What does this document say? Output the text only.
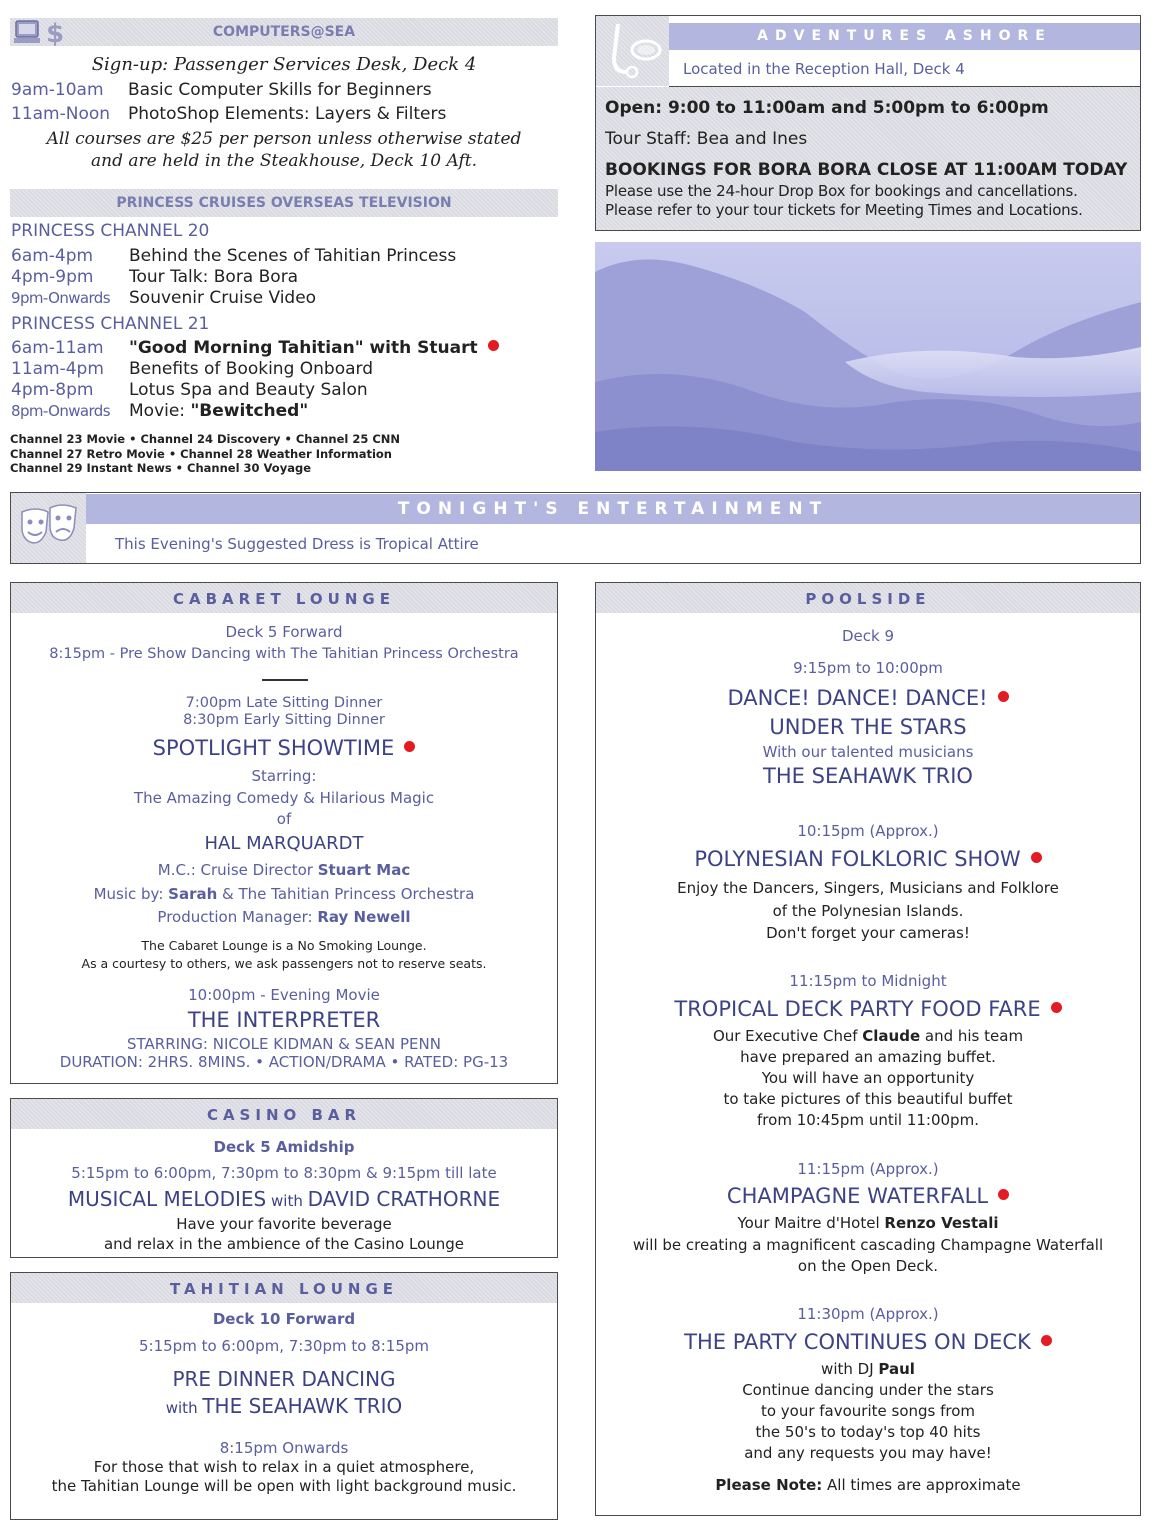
$	COMPUTERS@SEA
Sign-up: Passenger Services Desk, Deck 4
9am-10am Basic Computer Skills for Beginners
11am-Noon PhotoShop Elements: Layers & Filters
All courses are $25 per person unless otherwise stated
and are held in the Steakhouse, Deck 10 Aft.
PRINCESS CRUISES OVERSEAS TELEVISION
PRINCESS CHANNEL 20
6am-4pm Behind the Scenes of Tahitian Princess
4pm-9pm Tour Talk: Bora Bora
9pm-Onwards Souvenir Cruise Video
PRINCESS CHANNEL 21
6am-11am "Good Morning Tahitian" with Stuart
11am-4pm Benefits of Booking Onboard
4pm-8pm Lotus Spa and Beauty Salon
8pm-Onwards Movie: "Bewitched"
Channel 23 Movie • Channel 24 Discovery • Channel 25 CNN
Channel 27 Retro Movie • Channel 28 Weather Information
Channel 29 Instant News • Channel 30 Voyage
ADVENTURES ASHORE
Located in the Reception Hall, Deck 4
Open: 9:00 to 11:00am and 5:00pm to 6:00pm
Tour Staff: Bea and Ines
BOOKINGS FOR BORA BORA CLOSE AT 11:00AM TODAY
Please use the 24-hour Drop Box for bookings and cancellations.
Please refer to your tour tickets for Meeting Times and Locations.
TONIGHT'S ENTERTAINMENT
This Evening's Suggested Dress is Tropical Attire
CABARET LOUNGE
Deck 5 Forward
8:15pm - Pre Show Dancing with The Tahitian Princess Orchestra
7:00pm Late Sitting Dinner
8:30pm Early Sitting Dinner
SPOTLIGHT SHOWTIME
Starring:
The Amazing Comedy & Hilarious Magic
of
HAL MARQUARDT
M.C.: Cruise Director Stuart Mac
Music by: Sarah & The Tahitian Princess Orchestra
Production Manager: Ray Newell
The Cabaret Lounge is a No Smoking Lounge.
As a courtesy to others, we ask passengers not to reserve seats.
10:00pm - Evening Movie
THE INTERPRETER
STARRING: NICOLE KIDMAN & SEAN PENN
DURATION: 2HRS. 8MINS. • ACTION/DRAMA • RATED: PG-13
CASINO BAR
Deck 5 Amidship
5:15pm to 6:00pm, 7:30pm to 8:30pm & 9:15pm till late
MUSICAL MELODIES with DAVID CRATHORNE
Have your favorite beverage
and relax in the ambience of the Casino Lounge
TAHITIAN LOUNGE
Deck 10 Forward
5:15pm to 6:00pm, 7:30pm to 8:15pm
PRE DINNER DANCING
with THE SEAHAWK TRIO
8:15pm Onwards
For those that wish to relax in a quiet atmosphere,
the Tahitian Lounge will be open with light background music.
POOLSIDE
Deck 9
9:15pm to 10:00pm
DANCE! DANCE! DANCE!
UNDER THE STARS
With our talented musicians
THE SEAHAWK TRIO
10:15pm (Approx.)
POLYNESIAN FOLKLORIC SHOW
Enjoy the Dancers, Singers, Musicians and Folklore
of the Polynesian Islands.
Don't forget your cameras!
11:15pm to Midnight
TROPICAL DECK PARTY FOOD FARE
Our Executive Chef Claude and his team
have prepared an amazing buffet.
You will have an opportunity
to take pictures of this beautiful buffet
from 10:45pm until 11:00pm.
11:15pm (Approx.)
CHAMPAGNE WATERFALL
Your Maitre d'Hotel Renzo Vestali
will be creating a magnificent cascading Champagne Waterfall
on the Open Deck.
11:30pm (Approx.)
THE PARTY CONTINUES ON DECK
with DJ Paul
Continue dancing under the stars
to your favourite songs from
the 50's to today's top 40 hits
and any requests you may have!
Please Note: All times are approximate
